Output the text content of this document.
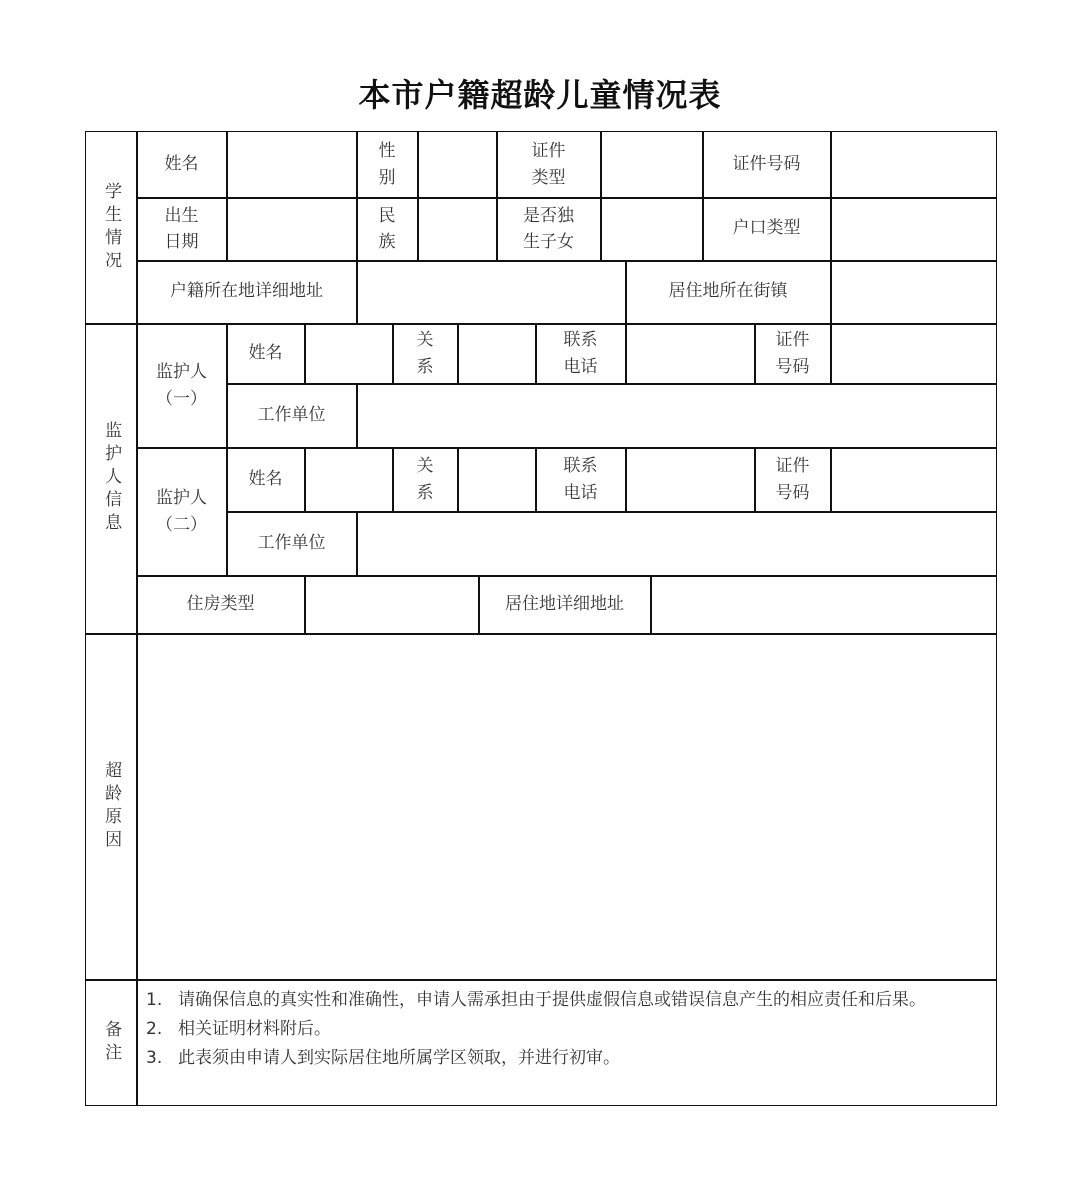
本市户籍超龄儿童情况表
学生情况
监护人信息
超龄原因
备注
姓名
性
别
证件
类型
证件号码
出生
日期
民
族
是否独
生子女
户口类型
户籍所在地详细地址	居住地所在街镇
监护人
（一）
姓名
关
系
联系
电话
证件
号码
工作单位
监护人
（二）
姓名
关
系
联系
电话
证件
号码
工作单位
住房类型	居住地详细地址
1. 请确保信息的真实性和准确性，申请人需承担由于提供虚假信息或错误信息产生的相应责任和后果。
2. 相关证明材料附后。
3. 此表须由申请人到实际居住地所属学区领取，并进行初审。
